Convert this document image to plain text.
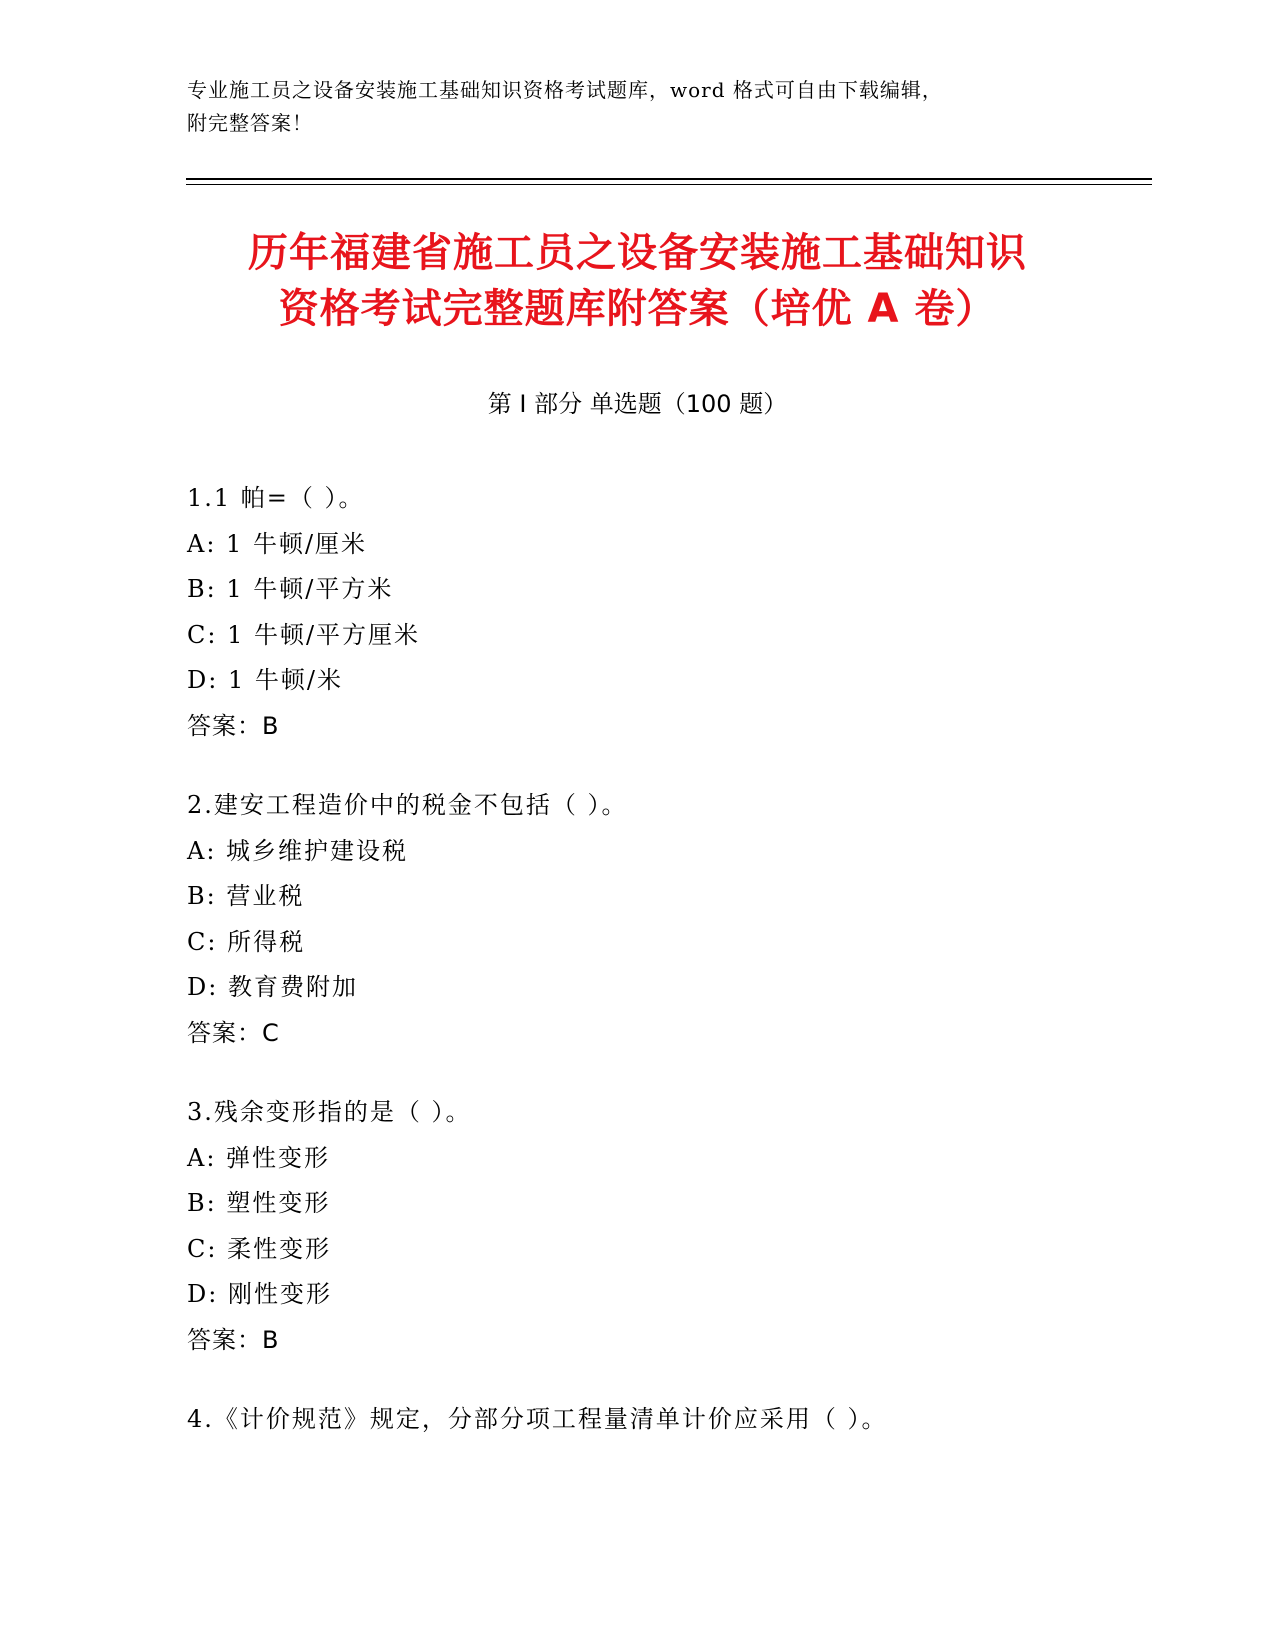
专业施工员之设备安装施工基础知识资格考试题库，word 格式可自由下载编辑，
附完整答案！
历年福建省施工员之设备安装施工基础知识
资格考试完整题库附答案（培优 A 卷）
第 I 部分 单选题（100 题）
1.1 帕=（ ）。
A: 1 牛顿/厘米
B: 1 牛顿/平方米
C: 1 牛顿/平方厘米
D: 1 牛顿/米
答案：B
2.建安工程造价中的税金不包括（ ）。
A: 城乡维护建设税
B: 营业税
C: 所得税
D: 教育费附加
答案：C
3.残余变形指的是（ ）。
A: 弹性变形
B: 塑性变形
C: 柔性变形
D: 刚性变形
答案：B
4.《计价规范》规定，分部分项工程量清单计价应采用（ ）。
